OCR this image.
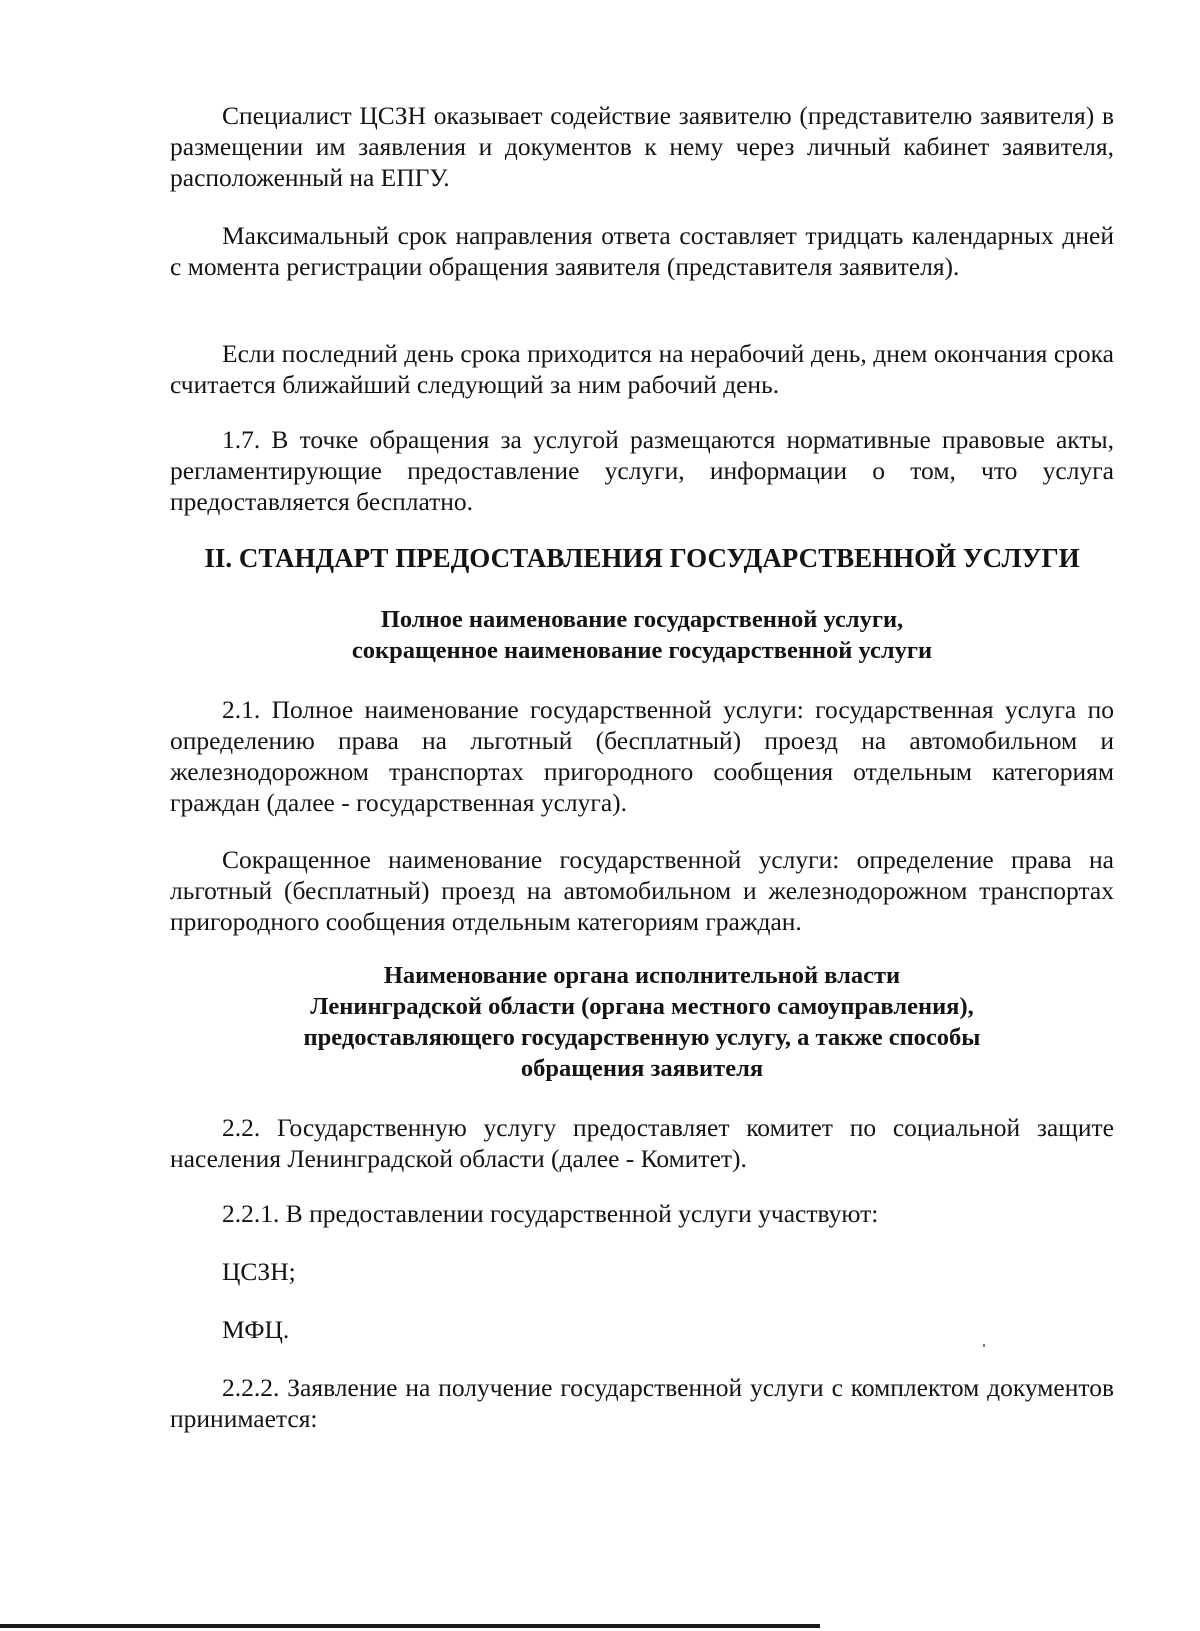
Специалист ЦСЗН оказывает содействие заявителю (представителю заявителя) в размещении им заявления и документов к нему через личный кабинет заявителя, расположенный на ЕПГУ.

Максимальный срок направления ответа составляет тридцать календарных дней с момента регистрации обращения заявителя (представителя заявителя).

Если последний день срока приходится на нерабочий день, днем окончания срока считается ближайший следующий за ним рабочий день.

1.7. В точке обращения за услугой размещаются нормативные правовые акты, регламентирующие предоставление услуги, информации о том, что услуга предоставляется бесплатно.

II. СТАНДАРТ ПРЕДОСТАВЛЕНИЯ ГОСУДАРСТВЕННОЙ УСЛУГИ
Полное наименование государственной услуги,
сокращенное наименование государственной услуги

2.1. Полное наименование государственной услуги: государственная услуга по определению права на льготный (бесплатный) проезд на автомобильном и железнодорожном транспортах пригородного сообщения отдельным категориям граждан (далее - государственная услуга).

Сокращенное наименование государственной услуги: определение права на льготный (бесплатный) проезд на автомобильном и железнодорожном транспортах пригородного сообщения отдельным категориям граждан.

Наименование органа исполнительной власти
Ленинградской области (органа местного самоуправления),
предоставляющего государственную услугу, а также способы
обращения заявителя

2.2. Государственную услугу предоставляет комитет по социальной защите населения Ленинградской области (далее - Комитет).

2.2.1. В предоставлении государственной услуги участвуют:

ЦСЗН;

МФЦ.

2.2.2. Заявление на получение государственной услуги с комплектом документов принимается:
